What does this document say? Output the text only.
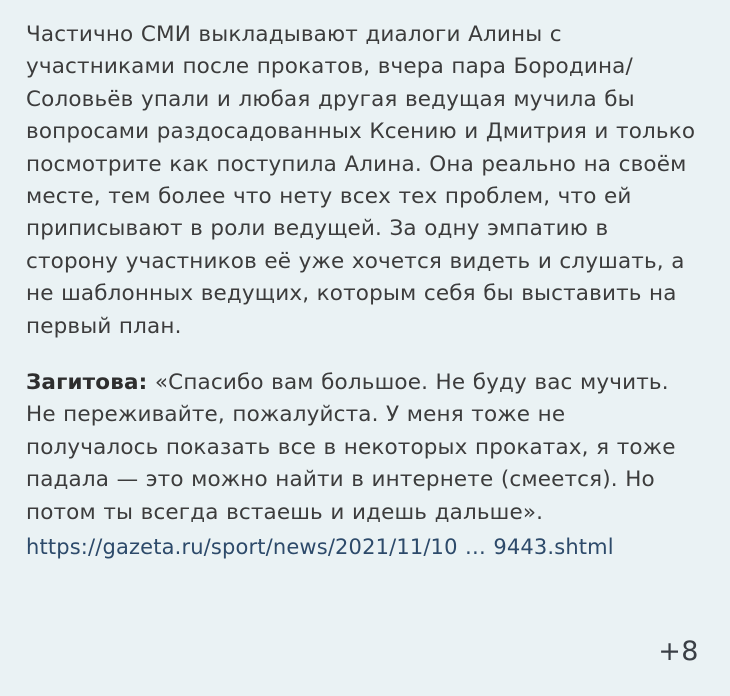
Частично СМИ выкладывают диалоги Алины с участниками после прокатов, вчера пара Бородина/Соловьёв упали и любая другая ведущая мучила бы вопросами раздосадованных Ксению и Дмитрия и только посмотрите как поступила Алина. Она реально на своём месте, тем более что нету всех тех проблем, что ей приписывают в роли ведущей. За одну эмпатию в сторону участников её уже хочется видеть и слушать, а не шаблонных ведущих, которым себя бы выставить на первый план.

Загитова: «Спасибо вам большое. Не буду вас мучить. Не переживайте, пожалуйста. У меня тоже не получалось показать все в некоторых прокатах, я тоже падала — это можно найти в интернете (смеется). Но потом ты всегда встаешь и идешь дальше».
https://gazeta.ru/sport/news/2021/11/10 … 9443.shtml

+8
